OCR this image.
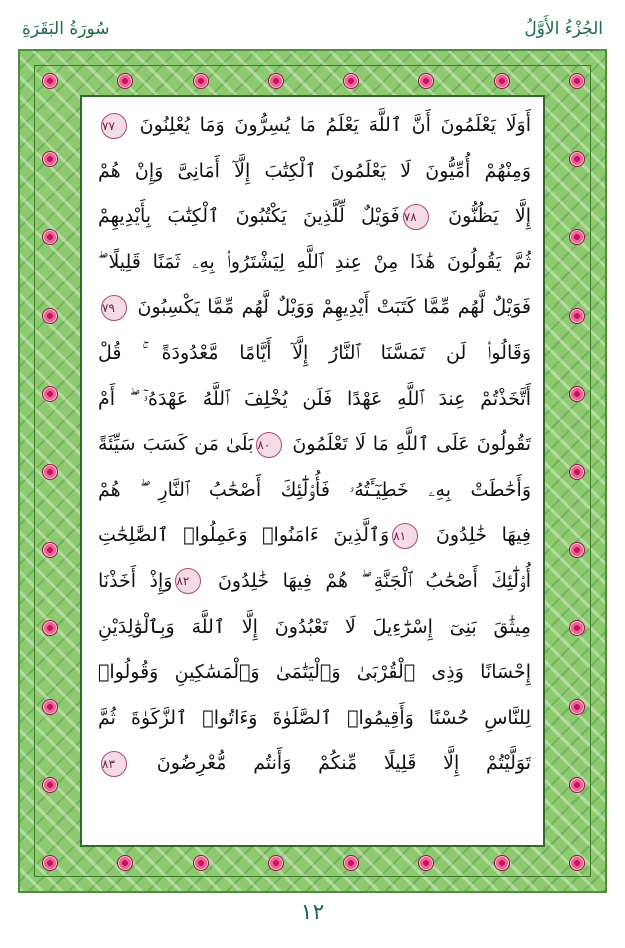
الجُزْءُ الأَوَّلُ
سُورَةُ البَقَرَةِ
أَوَلَا يَعْلَمُونَ أَنَّ ٱللَّهَ يَعْلَمُ مَا يُسِرُّونَ وَمَا يُعْلِنُونَ ٧٧
وَمِنْهُمْ أُمِّيُّونَ لَا يَعْلَمُونَ ٱلْكِتَٰبَ إِلَّآ أَمَانِىَّ وَإِنْ هُمْ
إِلَّا يَظُنُّونَ ٧٨فَوَيْلٌ لِّلَّذِينَ يَكْتُبُونَ ٱلْكِتَٰبَ بِأَيْدِيهِمْ
ثُمَّ يَقُولُونَ هَٰذَا مِنْ عِندِ ٱللَّهِ لِيَشْتَرُوا۟ بِهِۦ ثَمَنًا قَلِيلًا ۖ
فَوَيْلٌ لَّهُم مِّمَّا كَتَبَتْ أَيْدِيهِمْ وَوَيْلٌ لَّهُم مِّمَّا يَكْسِبُونَ ٧٩
وَقَالُوا۟ لَن تَمَسَّنَا ٱلنَّارُ إِلَّآ أَيَّامًا مَّعْدُودَةً ۚ قُلْ
أَتَّخَذْتُمْ عِندَ ٱللَّهِ عَهْدًا فَلَن يُخْلِفَ ٱللَّهُ عَهْدَهُۥٓ ۖ أَمْ
تَقُولُونَ عَلَى ٱللَّهِ مَا لَا تَعْلَمُونَ ٨٠بَلَىٰ مَن كَسَبَ سَيِّئَةً
وَأَحَٰطَتْ بِهِۦ خَطِيٓـَٔتُهُۥ فَأُو۟لَٰٓئِكَ أَصْحَٰبُ ٱلنَّارِ ۖ هُمْ
فِيهَا خَٰلِدُونَ ٨١وَٱلَّذِينَ ءَامَنُوا۟ وَعَمِلُوا۟ ٱلصَّٰلِحَٰتِ
أُو۟لَٰٓئِكَ أَصْحَٰبُ ٱلْجَنَّةِ ۖ هُمْ فِيهَا خَٰلِدُونَ ٨٢وَإِذْ أَخَذْنَا
مِيثَٰقَ بَنِىٓ إِسْرَٰٓءِيلَ لَا تَعْبُدُونَ إِلَّا ٱللَّهَ وَبِٱلْوَٰلِدَيْنِ
إِحْسَانًا وَذِى ٱلْقُرْبَىٰ وَٱلْيَتَٰمَىٰ وَٱلْمَسَٰكِينِ وَقُولُوا۟
لِلنَّاسِ حُسْنًا وَأَقِيمُوا۟ ٱلصَّلَوٰةَ وَءَاتُوا۟ ٱلزَّكَوٰةَ ثُمَّ
تَوَلَّيْتُمْ إِلَّا قَلِيلًا مِّنكُمْ وَأَنتُم مُّعْرِضُونَ ٨٣
١٢
